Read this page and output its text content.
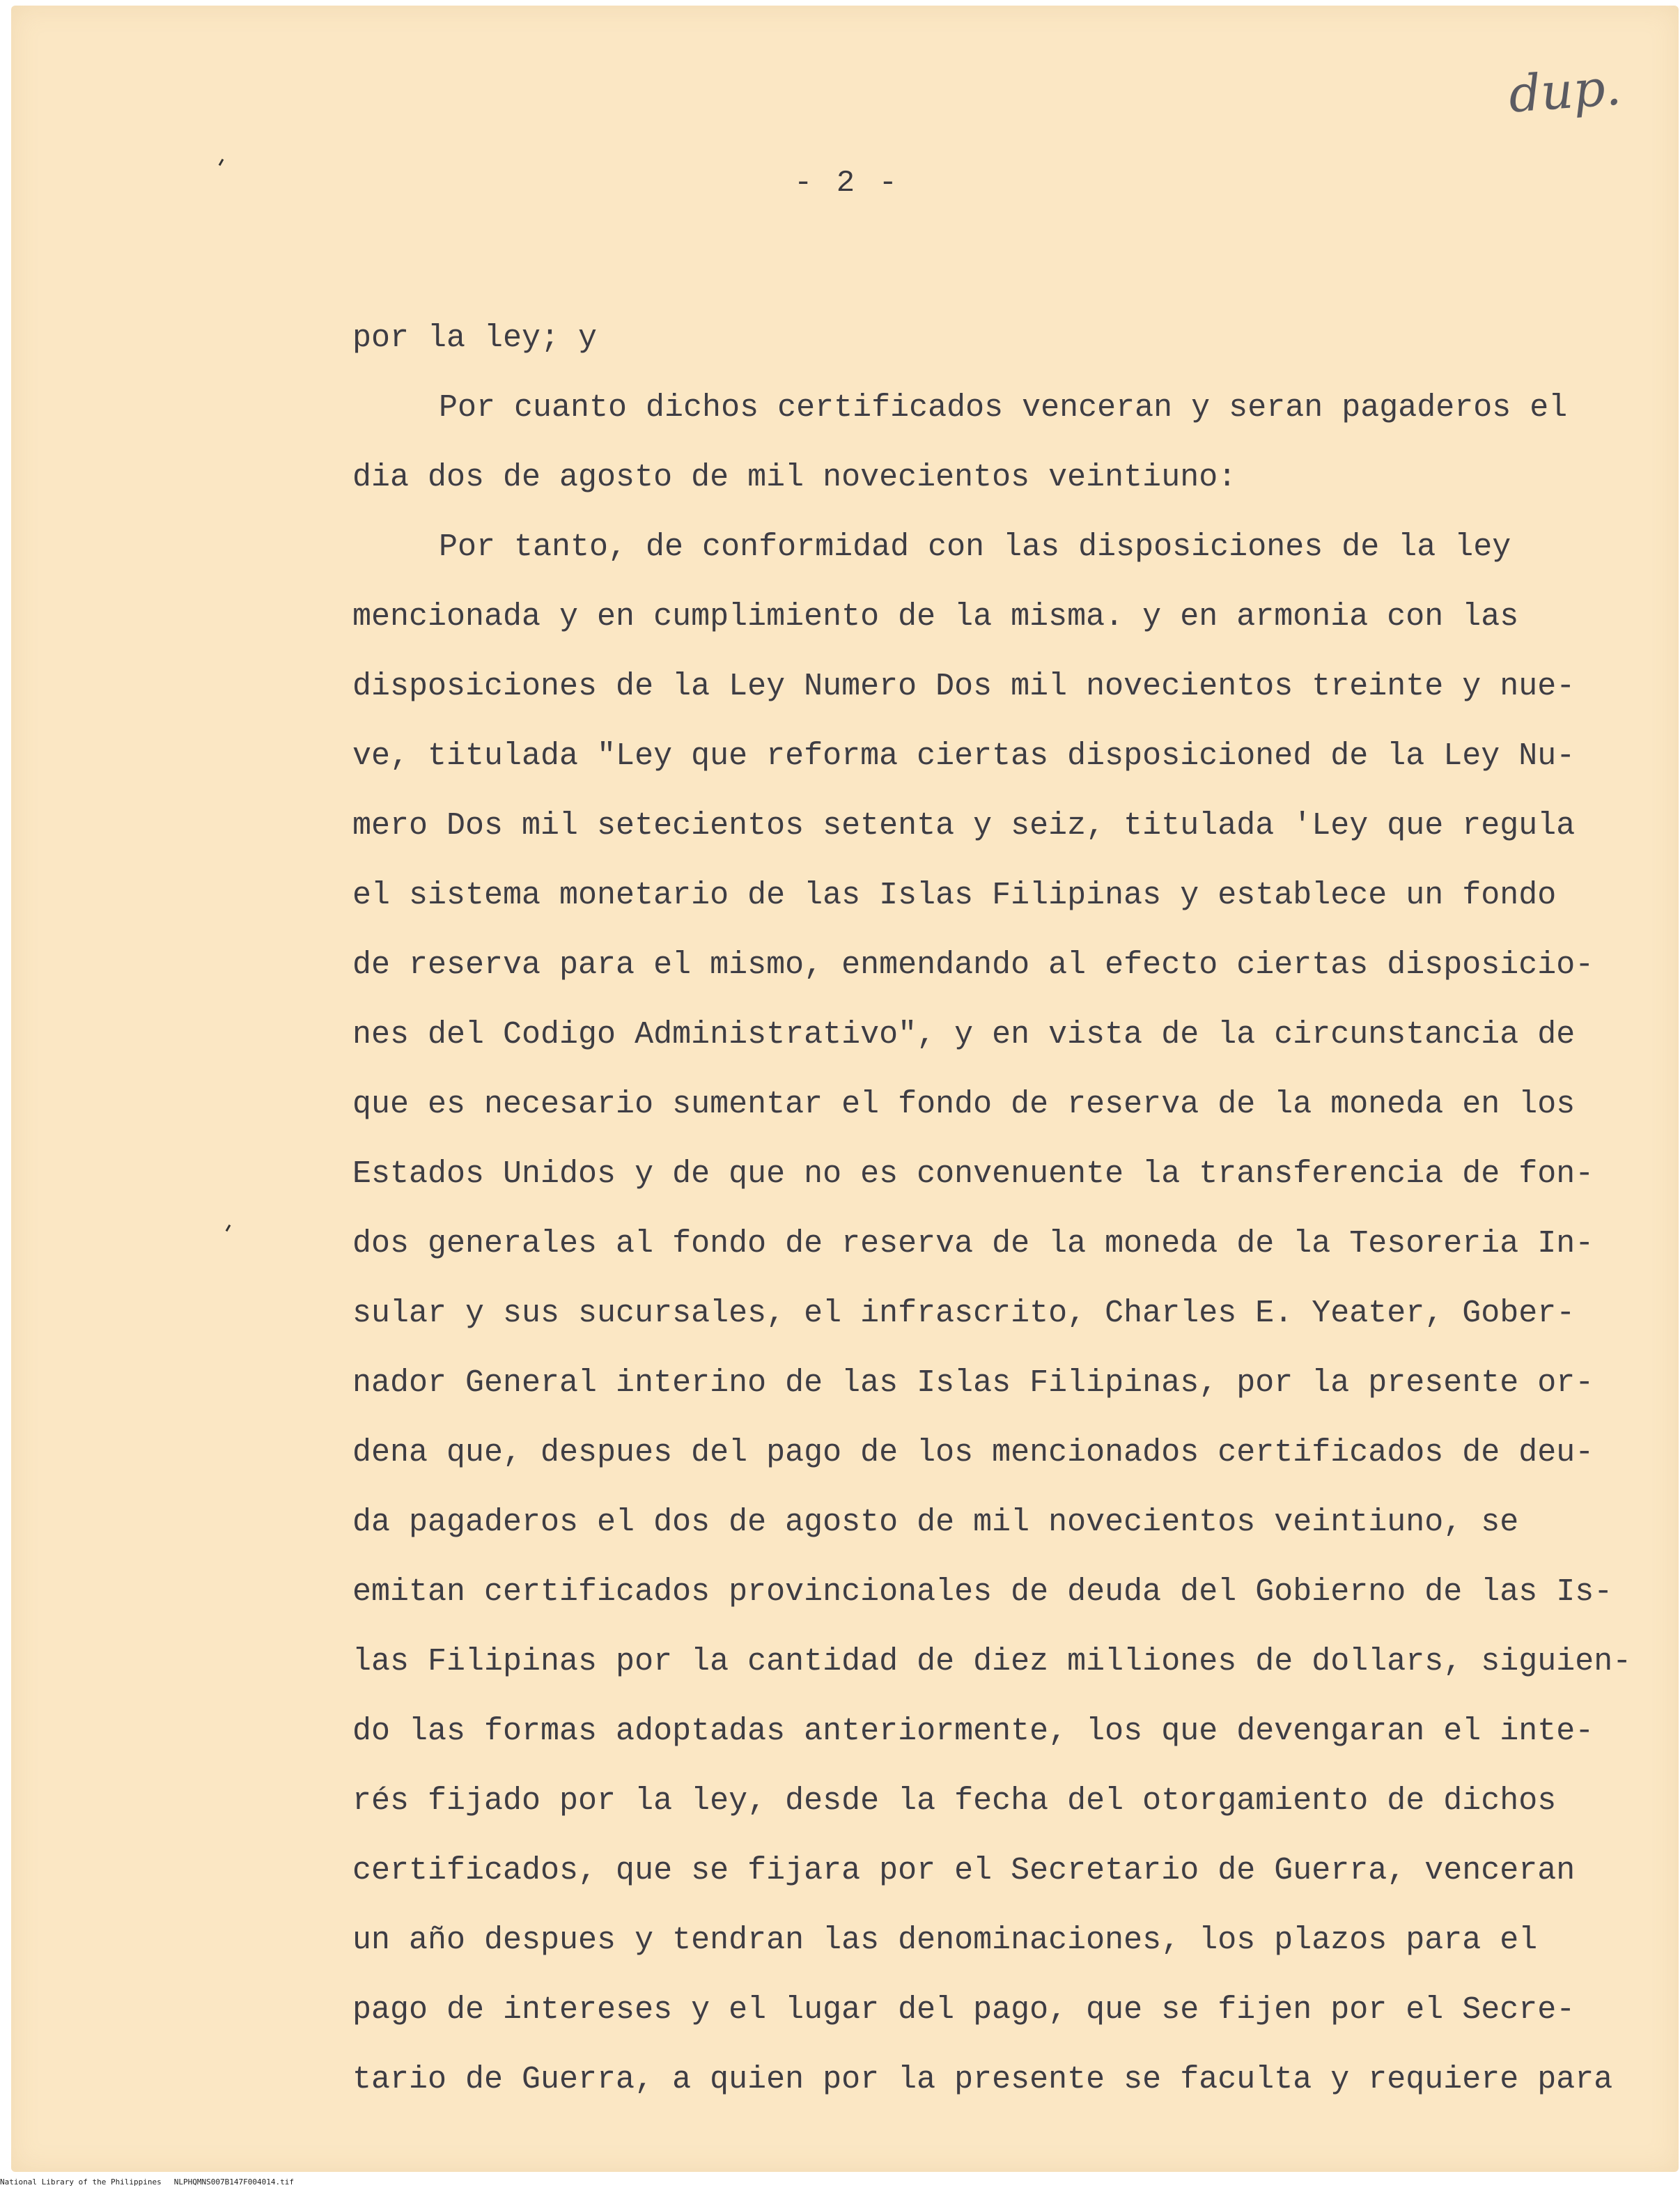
dup.
- 2 -
por la ley; y
Por cuanto dichos certificados venceran y seran pagaderos el
dia dos de agosto de mil novecientos veintiuno:
Por tanto, de conformidad con las disposiciones de la ley
mencionada y en cumplimiento de la misma. y en armonia con las
disposiciones de la Ley Numero Dos mil novecientos treinte y nue-
ve, titulada "Ley que reforma ciertas disposicioned de la Ley Nu-
mero Dos mil setecientos setenta y seiz, titulada 'Ley que regula
el sistema monetario de las Islas Filipinas y establece un fondo
de reserva para el mismo, enmendando al efecto ciertas disposicio-
nes del Codigo Administrativo", y en vista de la circunstancia de
que es necesario sumentar el fondo de reserva de la moneda en los
Estados Unidos y de que no es convenuente la transferencia de fon-
dos generales al fondo de reserva de la moneda de la Tesoreria In-
sular y sus sucursales, el infrascrito, Charles E. Yeater, Gober-
nador General interino de las Islas Filipinas, por la presente or-
dena que, despues del pago de los mencionados certificados de deu-
da pagaderos el dos de agosto de mil novecientos veintiuno, se
emitan certificados provincionales de deuda del Gobierno de las Is-
las Filipinas por la cantidad de diez milliones de dollars, siguien-
do las formas adoptadas anteriormente, los que devengaran el inte-
rés fijado por la ley, desde la fecha del otorgamiento de dichos
certificados, que se fijara por el Secretario de Guerra, venceran
un año despues y tendran las denominaciones, los plazos para el
pago de intereses y el lugar del pago, que se fijen por el Secre-
tario de Guerra, a quien por la presente se faculta y requiere para
National Library of the Philippines NLPHQMNS007B147F004014.tif
